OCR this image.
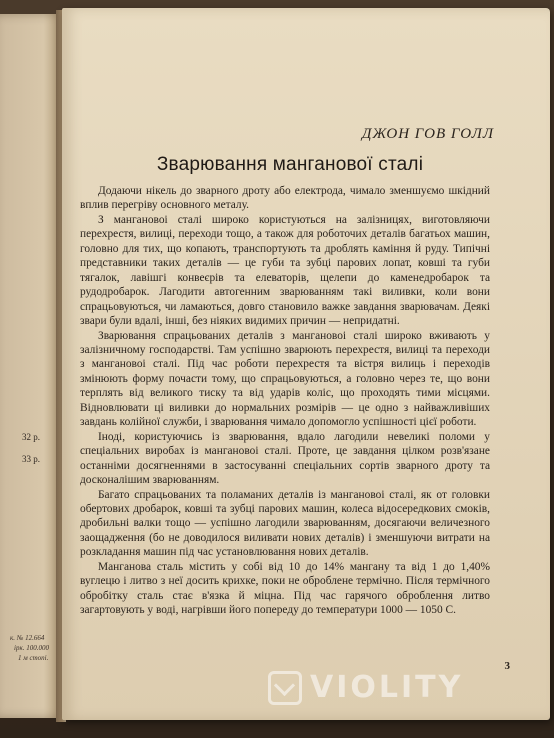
32 р.
33 р.
к. № 12.664
ірк. 100.000
1 м стопі.
ДЖОН ГОВ ГОЛЛ
Зварювання манганової сталі

Додаючи нікель до зварного дроту або електрода, чимало зменшуємо шкідний вплив перегріву основного металу.

З мангановоі сталі широко користуються на залізницях, виготовляючи перехрестя, вилиці, переходи тощо, а також для роботочих деталів багатьох машин, головно для тих, що копають, транспортують та дроблять каміння й руду. Типічні представники таких деталів — це губи та зубці парових лопат, ковші та губи тягалок, лавішгі конвеєрів та елеваторів, щелепи до каменедробарок та рудодробарок. Лагодити автогенним зварюванням такі виливки, коли вони спрацьовуються, чи ламаються, довго становило важке завдання зварювачам. Деякі звари були вдалі, інші, без ніяких видимих причин — непридатні.

Зварювання спрацьованих деталів з мангановоі сталі широко вживають у залізничному господарстві. Там успішно зварюють перехрестя, вилиці та переходи з мангановоі сталі. Під час роботи перехрестя та вістря вилиць і переходів змінюють форму почасти тому, що спрацьовуються, а головно через те, що вони терплять від великого тиску та від ударів коліс, що проходять тими місцями. Відновлювати ці виливки до нормальних розмірів — це одно з найважливіших завдань колійної служби, і зварювання чимало допомогло успішності цієї роботи.

Іноді, користуючись із зварювання, вдало лагодили невеликі поломи у спеціальних виробах із мангановоі сталі. Проте, це завдання цілком розв'язане останніми досягненнями в застосуванні спеціальних сортів зварного дроту та досконалішим зварюванням.

Багато спрацьованих та поламаних деталів із мангановоі сталі, як от головки обертових дробарок, ковші та зубці парових машин, колеса відосередкових смоків, дробильні валки тощо — успішно лагодили зварюванням, досягаючи величезного заощадження (бо не доводилося виливати нових деталів) і зменшуючи витрати на розкладання машин під час установлювання нових деталів.

Манганова сталь містить у собі від 10 до 14% мангану та від 1 до 1,40% вуглецю і литво з неї досить крихке, поки не оброблене термічно. Після термічного обробітку сталь стає в'язка й міцна. Під час гарячого оброблення литво загартовують у воді, нагрівши його попереду до температури 1000 — 1050 С.

3
VIOLITY
